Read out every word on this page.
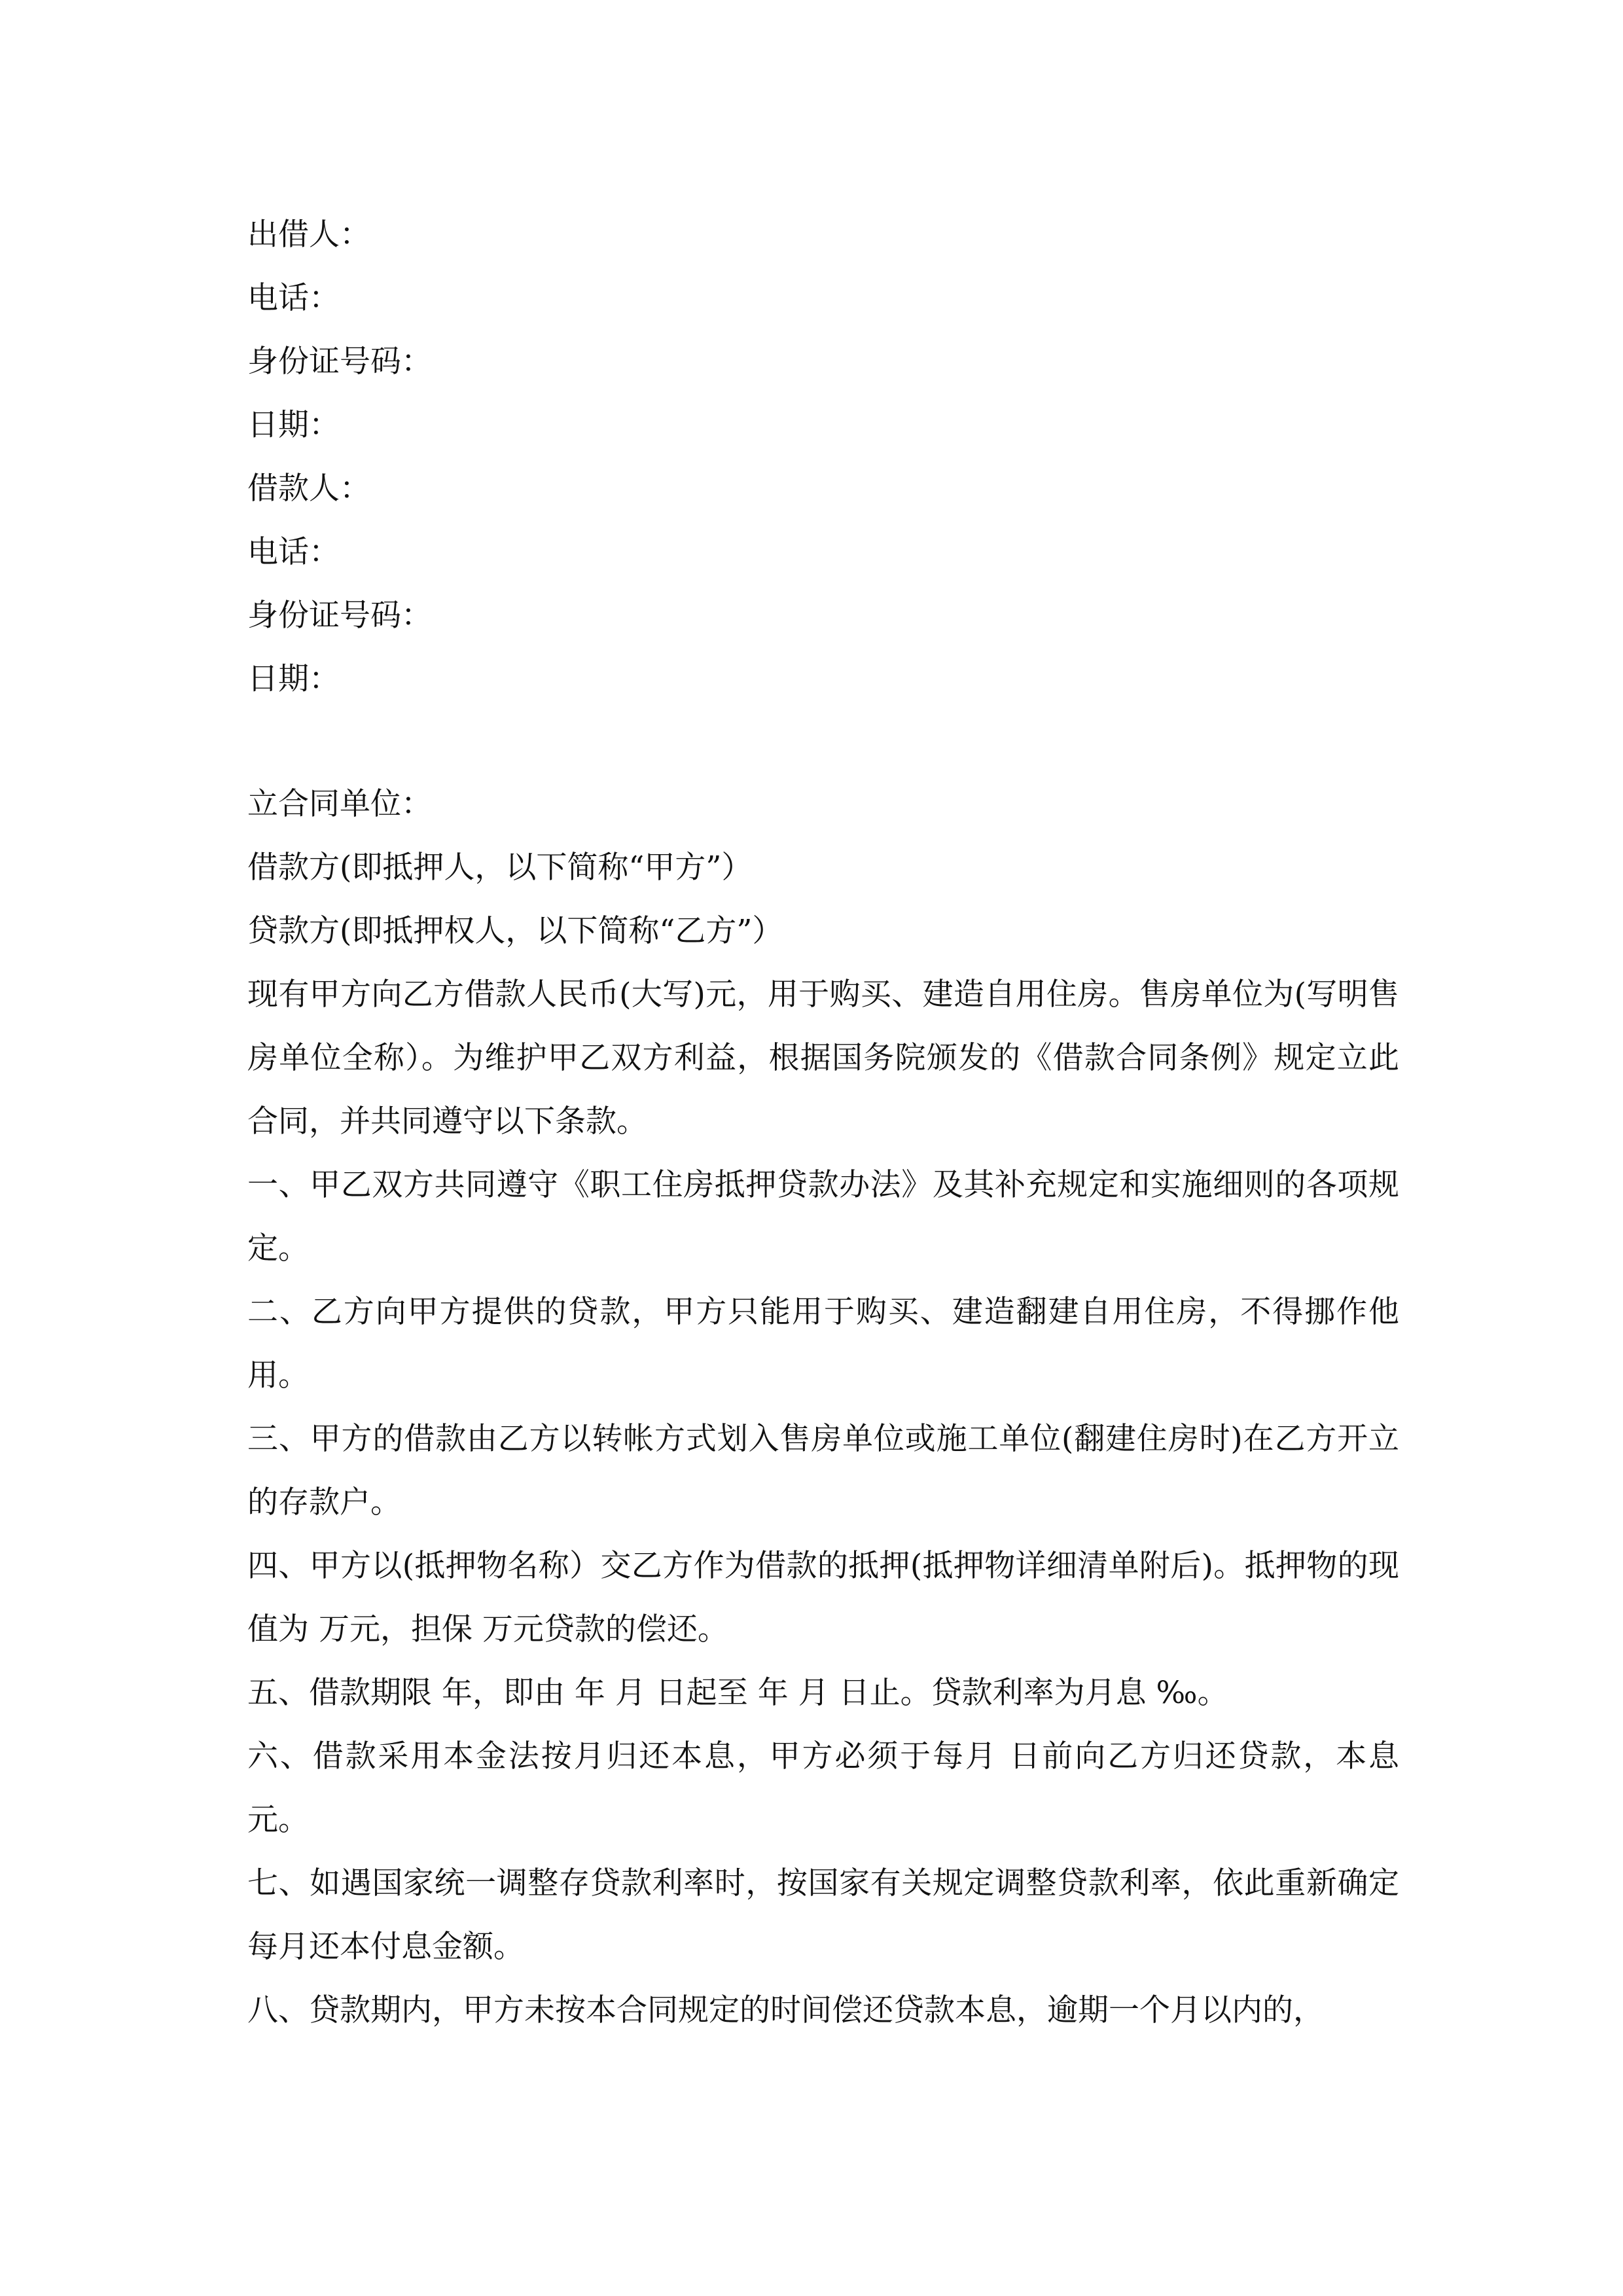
出借人：
电话：
身份证号码：
日期：
借款人：
电话：
身份证号码：
日期：
立合同单位：
借款方(即抵押人，以下简称“甲方”）
贷款方(即抵押权人，以下简称“乙方”）

现有甲方向乙方借款人民币(大写)元，用于购买、建造自用住房。售房单位为(写明售房单位全称）。为维护甲乙双方利益，根据国务院颁发的《借款合同条例》规定立此合同，并共同遵守以下条款。

一、甲乙双方共同遵守《职工住房抵押贷款办法》及其补充规定和实施细则的各项规定。

二、乙方向甲方提供的贷款，甲方只能用于购买、建造翻建自用住房，不得挪作他用。

三、甲方的借款由乙方以转帐方式划入售房单位或施工单位(翻建住房时)在乙方开立的存款户。

四、甲方以(抵押物名称）交乙方作为借款的抵押(抵押物详细清单附后)。抵押物的现值为 万元，担保 万元贷款的偿还。

五、借款期限 年，即由 年 月 日起至 年 月 日止。贷款利率为月息 ‰。

六、借款采用本金法按月归还本息，甲方必须于每月 日前向乙方归还贷款，本息 元。

七、如遇国家统一调整存贷款利率时，按国家有关规定调整贷款利率，依此重新确定每月还本付息金额。

八、贷款期内，甲方未按本合同规定的时间偿还贷款本息，逾期一个月以内的，
